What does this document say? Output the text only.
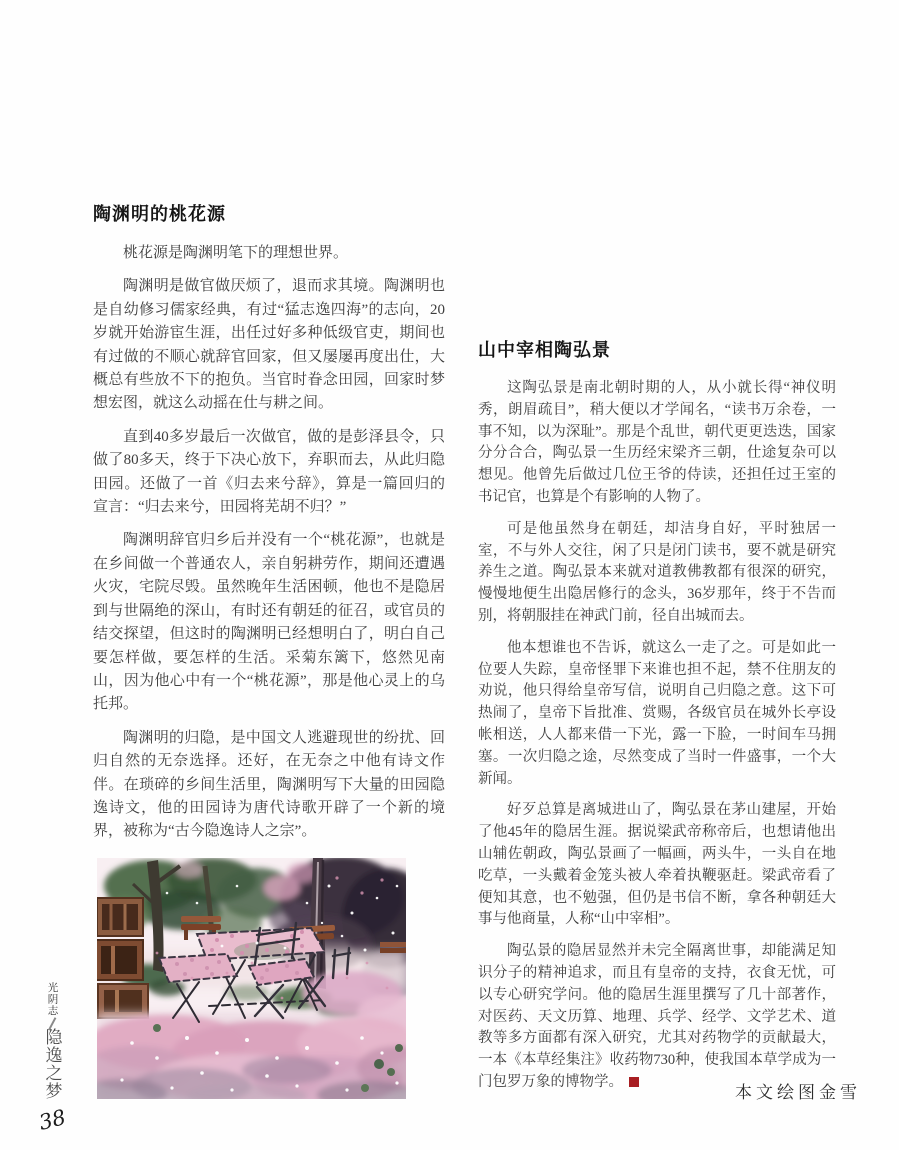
陶渊明的桃花源

桃花源是陶渊明笔下的理想世界。

陶渊明是做官做厌烦了，退而求其境。陶渊明也是自幼修习儒家经典，有过“猛志逸四海”的志向，20岁就开始游宦生涯，出任过好多种低级官吏，期间也有过做的不顺心就辞官回家，但又屡屡再度出仕，大概总有些放不下的抱负。当官时眷念田园，回家时梦想宏图，就这么动摇在仕与耕之间。

直到40多岁最后一次做官，做的是彭泽县令，只做了80多天，终于下决心放下，弃职而去，从此归隐田园。还做了一首《归去来兮辞》，算是一篇回归的宣言：“归去来兮，田园将芜胡不归？”

陶渊明辞官归乡后并没有一个“桃花源”，也就是在乡间做一个普通农人，亲自躬耕劳作，期间还遭遇火灾，宅院尽毁。虽然晚年生活困顿，他也不是隐居到与世隔绝的深山，有时还有朝廷的征召，或官员的结交探望，但这时的陶渊明已经想明白了，明白自己要怎样做，要怎样的生活。采菊东篱下，悠然见南山，因为他心中有一个“桃花源”，那是他心灵上的乌托邦。

陶渊明的归隐，是中国文人逃避现世的纷扰、回归自然的无奈选择。还好，在无奈之中他有诗文作伴。在琐碎的乡间生活里，陶渊明写下大量的田园隐逸诗文，他的田园诗为唐代诗歌开辟了一个新的境界，被称为“古今隐逸诗人之宗”。

山中宰相陶弘景

这陶弘景是南北朝时期的人，从小就长得“神仪明秀，朗眉疏目”，稍大便以才学闻名，“读书万余卷，一事不知，以为深耻”。那是个乱世，朝代更更迭迭，国家分分合合，陶弘景一生历经宋梁齐三朝，仕途复杂可以想见。他曾先后做过几位王爷的侍读，还担任过王室的书记官，也算是个有影响的人物了。

可是他虽然身在朝廷，却洁身自好，平时独居一室，不与外人交往，闲了只是闭门读书，要不就是研究养生之道。陶弘景本来就对道教佛教都有很深的研究，慢慢地便生出隐居修行的念头，36岁那年，终于不告而别，将朝服挂在神武门前，径自出城而去。

他本想谁也不告诉，就这么一走了之。可是如此一位要人失踪，皇帝怪罪下来谁也担不起，禁不住朋友的劝说，他只得给皇帝写信，说明自己归隐之意。这下可热闹了，皇帝下旨批准、赏赐，各级官员在城外长亭设帐相送，人人都来借一下光，露一下脸，一时间车马拥塞。一次归隐之途，尽然变成了当时一件盛事，一个大新闻。

好歹总算是离城进山了，陶弘景在茅山建屋，开始了他45年的隐居生涯。据说梁武帝称帝后，也想请他出山辅佐朝政，陶弘景画了一幅画，两头牛，一头自在地吃草，一头戴着金笼头被人牵着执鞭驱赶。梁武帝看了便知其意，也不勉强，但仍是书信不断，拿各种朝廷大事与他商量，人称“山中宰相”。

陶弘景的隐居显然并未完全隔离世事，却能满足知识分子的精神追求，而且有皇帝的支持，衣食无忧，可以专心研究学问。他的隐居生涯里撰写了几十部著作，对医药、天文历算、地理、兵学、经学、文学艺术、道教等多方面都有深入研究，尤其对药物学的贡献最大，一本《本草经集注》收药物730种，使我国本草学成为一门包罗万象的博物学。

光阴志
隐逸之梦
38
本文绘图金雪
